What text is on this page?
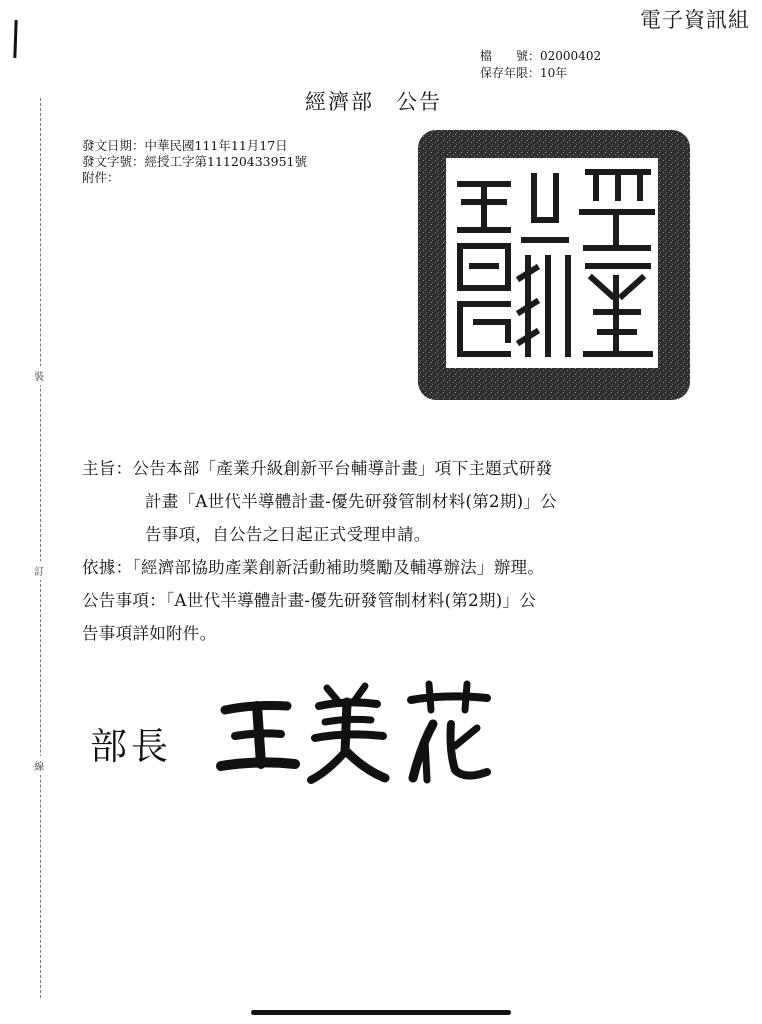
電子資訊組
裝
訂
線
檔　　號：02000402
保存年限：10年
經濟部 公告
發文日期：中華民國111年11月17日
發文字號：經授工字第11120433951號
附件：
主旨：公告本部「產業升級創新平台輔導計畫」項下主題式研發
計畫「A世代半導體計畫-優先研發管制材料(第2期)」公
告事項，自公告之日起正式受理申請。
依據：「經濟部協助產業創新活動補助獎勵及輔導辦法」辦理。
公告事項：「A世代半導體計畫-優先研發管制材料(第2期)」公
告事項詳如附件。
部長
